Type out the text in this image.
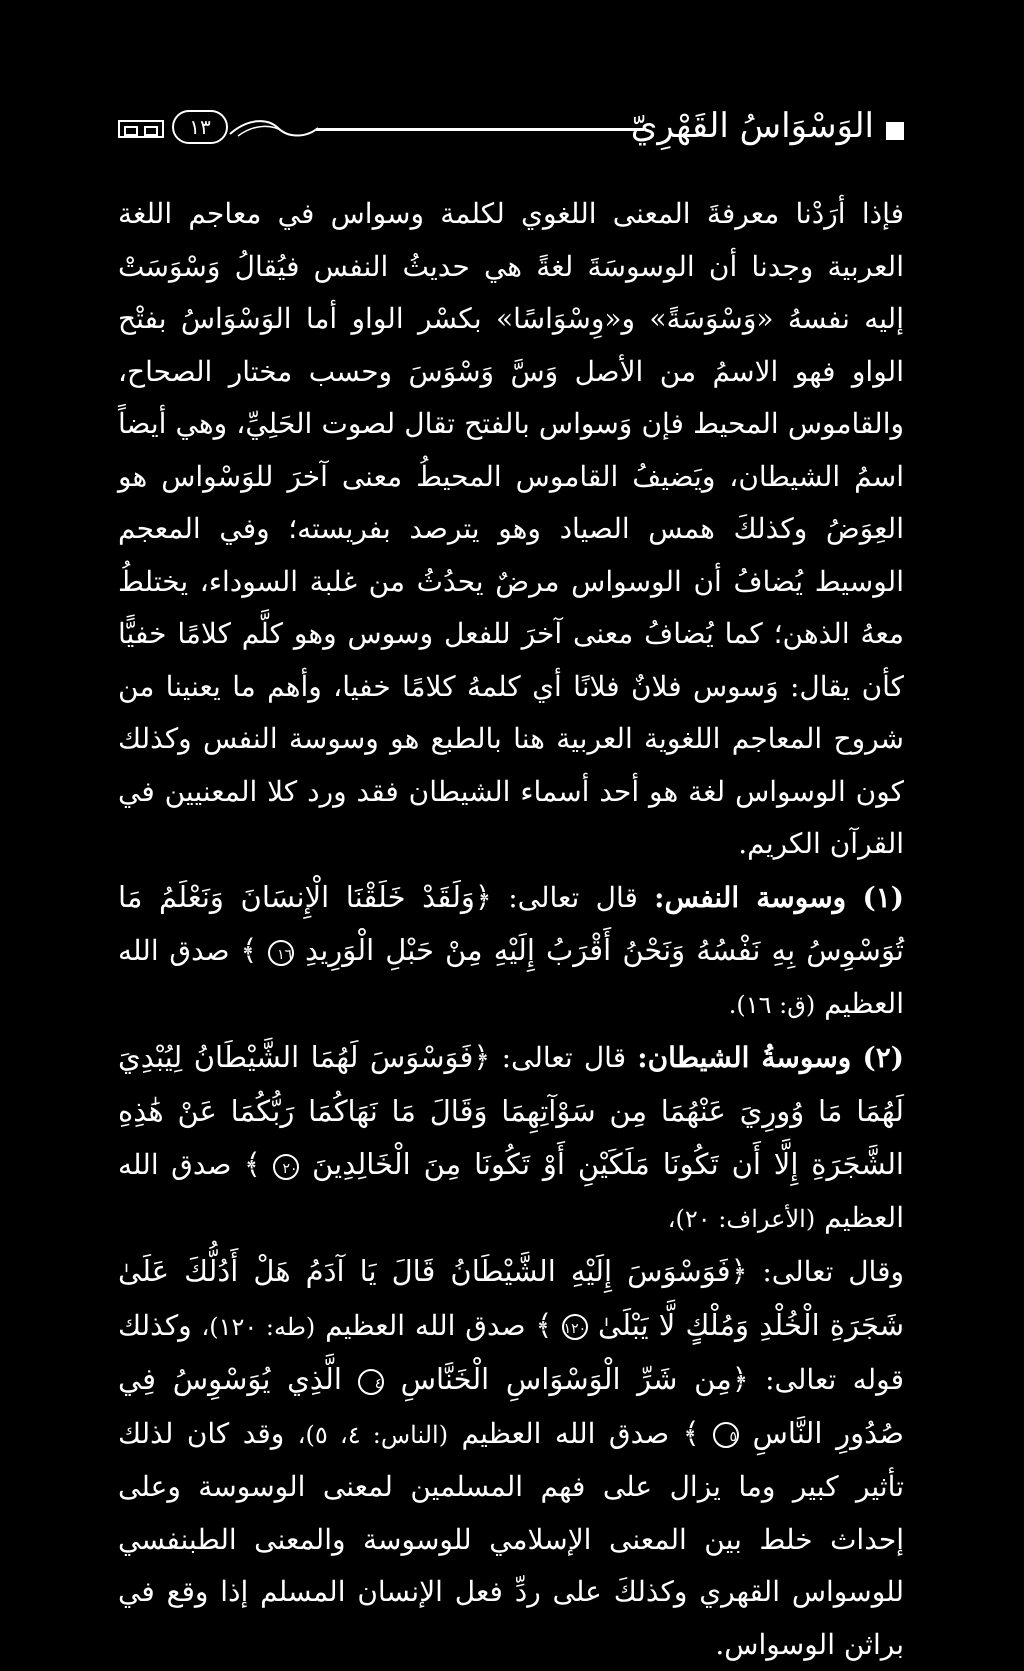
١٣	الوَسْوَاسُ القَهْرِيّ

فإذا أرَدْنا معرفةَ المعنى اللغوي لكلمة وسواس في معاجم اللغة العربية وجدنا أن الوسوسَةَ لغةً هي حديثُ النفس فيُقالُ وَسْوَسَتْ إليه نفسهُ «وَسْوَسَةً» و«وِسْوَاسًا» بكسْر الواو أما الوَسْوَاسُ بفتْح الواو فهو الاسمُ من الأصل وَسَّ وَسْوَسَ وحسب مختار الصحاح، والقاموس المحيط فإن وَسواس بالفتح تقال لصوت الحَلِيِّ، وهي أيضاً اسمُ الشيطان، ويَضيفُ القاموس المحيطُ معنى آخرَ للوَسْواس هو العِوَضُ وكذلكَ همس الصياد وهو يترصد بفريسته؛ وفي المعجم الوسيط يُضافُ أن الوسواس مرضٌ يحدُثُ من غلبة السوداء، يختلطُ معهُ الذهن؛ كما يُضافُ معنى آخرَ للفعل وسوس وهو كلَّم كلامًا خفيًّا كأن يقال: وَسوس فلانٌ فلانًا أي كلمهُ كلامًا خفيا، وأهم ما يعنينا من شروح المعاجم اللغوية العربية هنا بالطبع هو وسوسة النفس وكذلك كون الوسواس لغة هو أحد أسماء الشيطان فقد ورد كلا المعنيين في القرآن الكريم.

(١) وسوسة النفس: قال تعالى: ﴿وَلَقَدْ خَلَقْنَا الْإِنسَانَ وَنَعْلَمُ مَا تُوَسْوِسُ بِهِ نَفْسُهُ وَنَحْنُ أَقْرَبُ إِلَيْهِ مِنْ حَبْلِ الْوَرِيدِ ١٦ ﴾ صدق الله العظيم (ق: ١٦).

(٢) وسوسةُ الشيطان: قال تعالى: ﴿فَوَسْوَسَ لَهُمَا الشَّيْطَانُ لِيُبْدِيَ لَهُمَا مَا وُورِيَ عَنْهُمَا مِن سَوْآتِهِمَا وَقَالَ مَا نَهَاكُمَا رَبُّكُمَا عَنْ هَٰذِهِ الشَّجَرَةِ إِلَّا أَن تَكُونَا مَلَكَيْنِ أَوْ تَكُونَا مِنَ الْخَالِدِينَ ٢٠ ﴾ صدق الله العظيم (الأعراف: ٢٠)،

وقال تعالى: ﴿فَوَسْوَسَ إِلَيْهِ الشَّيْطَانُ قَالَ يَا آدَمُ هَلْ أَدُلُّكَ عَلَىٰ شَجَرَةِ الْخُلْدِ وَمُلْكٍ لَّا يَبْلَىٰ ١٢٠ ﴾ صدق الله العظيم (طه: ١٢٠)، وكذلك قوله تعالى: ﴿مِن شَرِّ الْوَسْوَاسِ الْخَنَّاسِ ٤ الَّذِي يُوَسْوِسُ فِي صُدُورِ النَّاسِ ٥ ﴾ صدق الله العظيم (الناس: ٤، ٥)، وقد كان لذلك تأثير كبير وما يزال على فهم المسلمين لمعنى الوسوسة وعلى إحداث خلط بين المعنى الإسلامي للوسوسة والمعنى الطبنفسي للوسواس القهري وكذلكَ على ردِّ فعل الإنسان المسلم إذا وقع في براثن الوسواس.
